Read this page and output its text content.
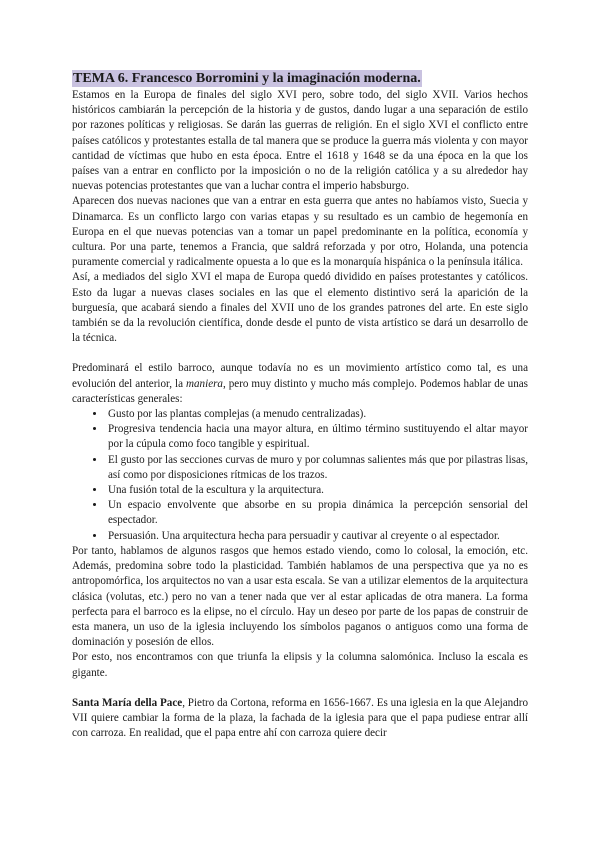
TEMA 6. Francesco Borromini y la imaginación moderna.

Estamos en la Europa de finales del siglo XVI pero, sobre todo, del siglo XVII. Varios hechos históricos cambiarán la percepción de la historia y de gustos, dando lugar a una separación de estilo por razones políticas y religiosas. Se darán las guerras de religión. En el siglo XVI el conflicto entre países católicos y protestantes estalla de tal manera que se produce la guerra más violenta y con mayor cantidad de víctimas que hubo en esta época. Entre el 1618 y 1648 se da una época en la que los países van a entrar en conflicto por la imposición o no de la religión católica y a su alrededor hay nuevas potencias protestantes que van a luchar contra el imperio habsburgo.

Aparecen dos nuevas naciones que van a entrar en esta guerra que antes no habíamos visto, Suecia y Dinamarca. Es un conflicto largo con varias etapas y su resultado es un cambio de hegemonía en Europa en el que nuevas potencias van a tomar un papel predominante en la política, economía y cultura. Por una parte, tenemos a Francia, que saldrá reforzada y por otro, Holanda, una potencia puramente comercial y radicalmente opuesta a lo que es la monarquía hispánica o la península itálica.

Así, a mediados del siglo XVI el mapa de Europa quedó dividido en países protestantes y católicos. Esto da lugar a nuevas clases sociales en las que el elemento distintivo será la aparición de la burguesía, que acabará siendo a finales del XVII uno de los grandes patrones del arte. En este siglo también se da la revolución científica, donde desde el punto de vista artístico se dará un desarrollo de la técnica.

Predominará el estilo barroco, aunque todavía no es un movimiento artístico como tal, es una evolución del anterior, la maniera, pero muy distinto y mucho más complejo. Podemos hablar de unas características generales:

• Gusto por las plantas complejas (a menudo centralizadas).
• Progresiva tendencia hacia una mayor altura, en último término sustituyendo el altar mayor por la cúpula como foco tangible y espiritual.
• El gusto por las secciones curvas de muro y por columnas salientes más que por pilastras lisas, así como por disposiciones rítmicas de los trazos.
• Una fusión total de la escultura y la arquitectura.
• Un espacio envolvente que absorbe en su propia dinámica la percepción sensorial del espectador.
• Persuasión. Una arquitectura hecha para persuadir y cautivar al creyente o al espectador.

Por tanto, hablamos de algunos rasgos que hemos estado viendo, como lo colosal, la emoción, etc. Además, predomina sobre todo la plasticidad. También hablamos de una perspectiva que ya no es antropomórfica, los arquitectos no van a usar esta escala. Se van a utilizar elementos de la arquitectura clásica (volutas, etc.) pero no van a tener nada que ver al estar aplicadas de otra manera. La forma perfecta para el barroco es la elipse, no el círculo. Hay un deseo por parte de los papas de construir de esta manera, un uso de la iglesia incluyendo los símbolos paganos o antiguos como una forma de dominación y posesión de ellos.

Por esto, nos encontramos con que triunfa la elipsis y la columna salomónica. Incluso la escala es gigante.

Santa María della Pace, Pietro da Cortona, reforma en 1656-1667. Es una iglesia en la que Alejandro VII quiere cambiar la forma de la plaza, la fachada de la iglesia para que el papa pudiese entrar allí con carroza. En realidad, que el papa entre ahí con carroza quiere decir
